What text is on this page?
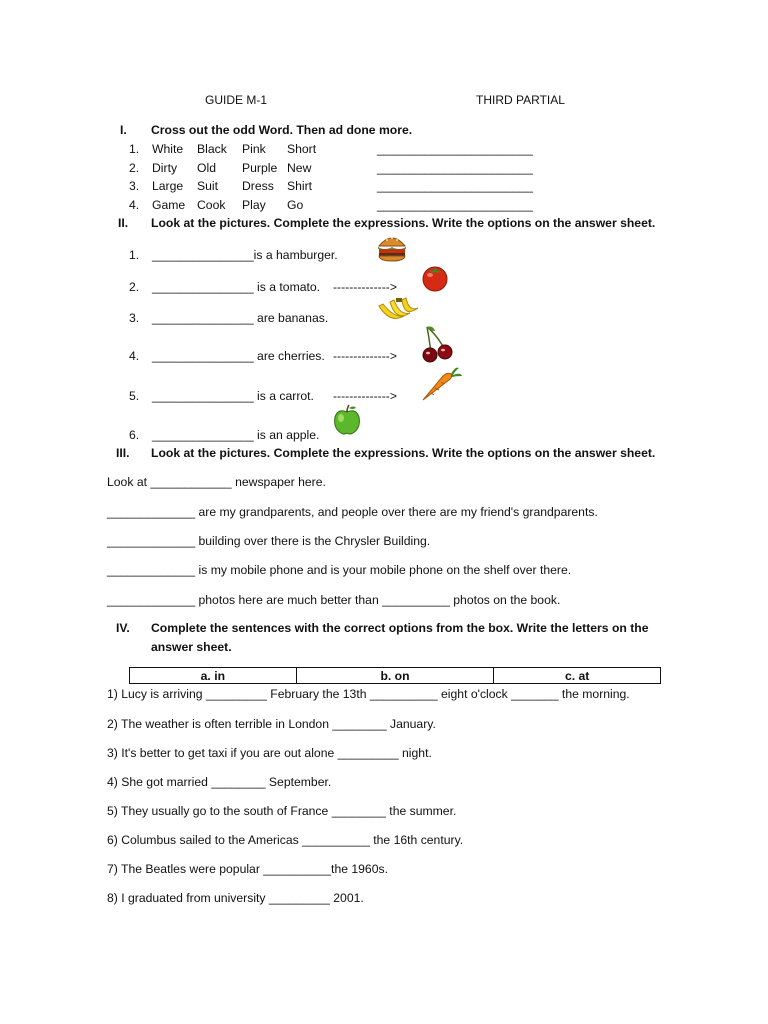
GUIDE M-1	THIRD PARTIAL
I. Cross out the odd Word. Then ad done more.
1. White Black Pink Short	_______________________
2. Dirty Old Purple New	_______________________
3. Large Suit Dress Shirt	_______________________
4. Game Cook Play Go	_______________________
II. Look at the pictures. Complete the expressions. Write the options on the answer sheet.
1. _______________is a hamburger.
2. _______________ is a tomato. -------------->
3. _______________ are bananas.
4. _______________ are cherries. -------------->
5. _______________ is a carrot. -------------->
6. _______________ is an apple.
III. Look at the pictures. Complete the expressions. Write the options on the answer sheet.
Look at ____________ newspaper here.
_____________ are my grandparents, and people over there are my friend's grandparents.
_____________ building over there is the Chrysler Building.
_____________ is my mobile phone and is your mobile phone on the shelf over there.
_____________ photos here are much better than __________ photos on the book.
IV. Complete the sentences with the correct options from the box. Write the letters on the
answer sheet.
a. in	b. on	c. at
1) Lucy is arriving _________ February the 13th __________ eight o'clock _______ the morning.
2) The weather is often terrible in London ________ January.
3) It's better to get taxi if you are out alone _________ night.
4) She got married ________ September.
5) They usually go to the south of France ________ the summer.
6) Columbus sailed to the Americas __________ the 16th century.
7) The Beatles were popular __________the 1960s.
8) I graduated from university _________ 2001.
